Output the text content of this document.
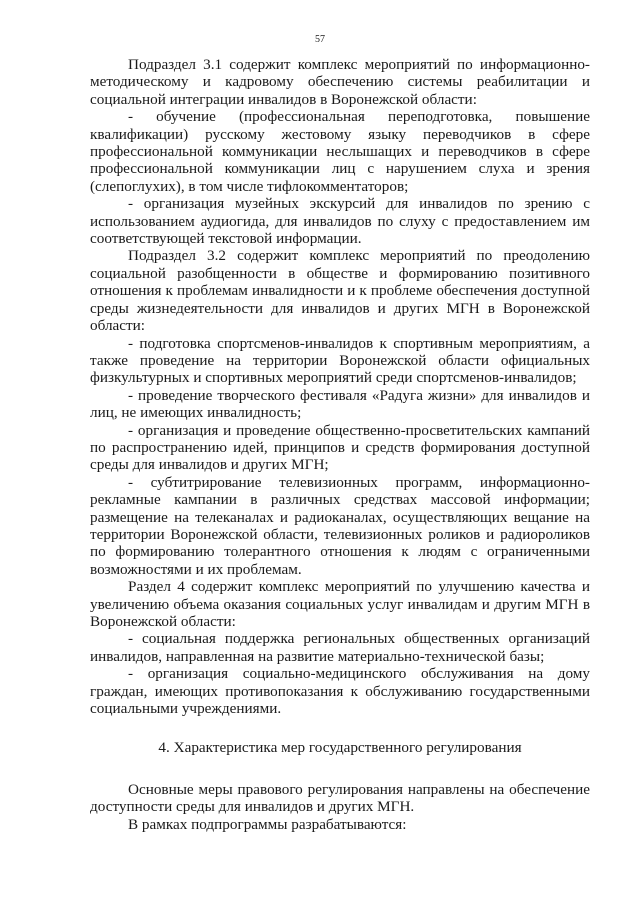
57

Подраздел 3.1 содержит комплекс мероприятий по информационно-методическому и кадровому обеспечению системы реабилитации и социальной интеграции инвалидов в Воронежской области:

- обучение (профессиональная переподготовка, повышение квалификации) русскому жестовому языку переводчиков в сфере профессиональной коммуникации неслышащих и переводчиков в сфере профессиональной коммуникации лиц с нарушением слуха и зрения (слепоглухих), в том числе тифлокомментаторов;

- организация музейных экскурсий для инвалидов по зрению с использованием аудиогида, для инвалидов по слуху с предоставлением им соответствующей текстовой информации.

Подраздел 3.2 содержит комплекс мероприятий по преодолению социальной разобщенности в обществе и формированию позитивного отношения к проблемам инвалидности и к проблеме обеспечения доступной среды жизнедеятельности для инвалидов и других МГН в Воронежской области:

- подготовка спортсменов-инвалидов к спортивным мероприятиям, а также проведение на территории Воронежской области официальных физкультурных и спортивных мероприятий среди спортсменов-инвалидов;

- проведение творческого фестиваля «Радуга жизни» для инвалидов и лиц, не имеющих инвалидность;

- организация и проведение общественно-просветительских кампаний по распространению идей, принципов и средств формирования доступной среды для инвалидов и других МГН;

- субтитрирование телевизионных программ, информационно-рекламные кампании в различных средствах массовой информации; размещение на телеканалах и радиоканалах, осуществляющих вещание на территории Воронежской области, телевизионных роликов и радиороликов по формированию толерантного отношения к людям с ограниченными возможностями и их проблемам.

Раздел 4 содержит комплекс мероприятий по улучшению качества и увеличению объема оказания социальных услуг инвалидам и другим МГН в Воронежской области:

- социальная поддержка региональных общественных организаций инвалидов, направленная на развитие материально-технической базы;

- организация социально-медицинского обслуживания на дому граждан, имеющих противопоказания к обслуживанию государственными социальными учреждениями.

4. Характеристика мер государственного регулирования

Основные меры правового регулирования направлены на обеспечение доступности среды для инвалидов и других МГН.

В рамках подпрограммы разрабатываются:
